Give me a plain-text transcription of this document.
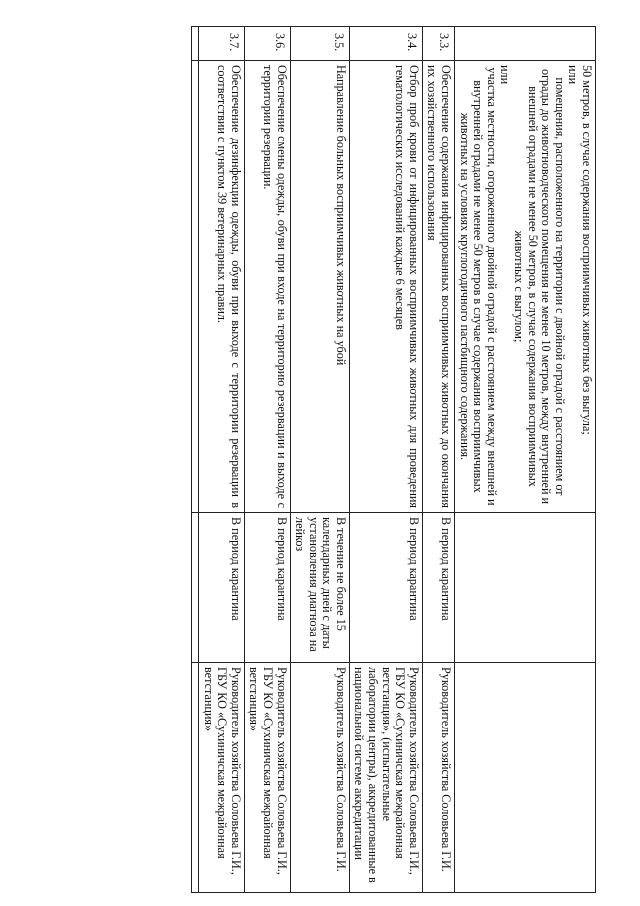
	50 метров, в случае содержания восприимчивых животных без выгула;

или

помещения, расположенного на территории с двойной оградой с расстоянием от ограды до животноводческого помещения не менее 10 метров, между внутренней и внешней оградами не менее 50 метров, в случае содержания восприимчивых животных с выгулом;

или

участка местности, огороженного двойной оградой с расстоянием между внешней и внутренней оградами не менее 50 метров в случае содержания восприимчивых животных на условиях круглогодичного пастбищного содержания.		

3.3.	Обеспечение содержания инфицированных восприимчивых животных до окончания их хозяйственного использования	В период карантина	Руководитель хозяйства Соловьева Г.И.
3.4.	Отбор проб крови от инфицированных восприимчивых животных для проведения гематологических исследований каждые 6 месяцев	В период карантина	Руководитель хозяйства Соловьева Г.И., ГБУ КО «Сухиничская межрайонная ветстанция», (испытательные лаборатории центры), аккредитованные в национальной системе аккредитации
3.5.	Направление больных восприимчивых животных на убой	В течение не более 15 календарных дней с даты установления диагноза на лейкоз	Руководитель хозяйства Соловьева Г.И.
3.6.	Обеспечение смены одежды, обуви при входе на территорию резервации и выходе с территории резервации.	В период карантина	Руководитель хозяйства Соловьева Г.И., ГБУ КО «Сухиничская межрайонная ветстанция»
3.7.	Обеспечение дезинфекции одежды, обуви при выходе с территории резервации в соответствии с пунктом 39 ветеринарных правил.	В период карантина	Руководитель хозяйства Соловьева Г.И., ГБУ КО «Сухиничская межрайонная ветстанция»
